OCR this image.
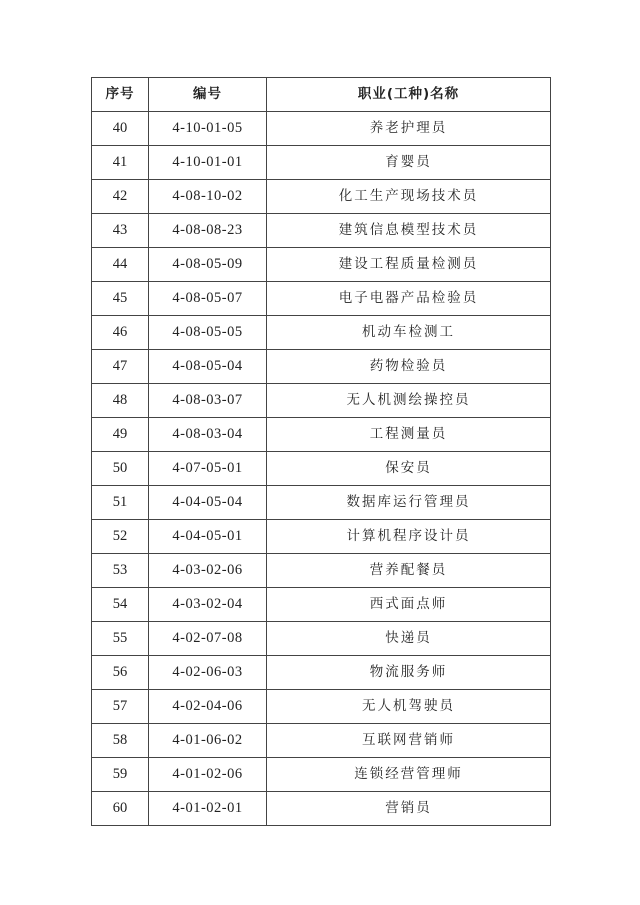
序号	编号	职业(工种)名称
40	4-10-01-05	养老护理员
41	4-10-01-01	育婴员
42	4-08-10-02	化工生产现场技术员
43	4-08-08-23	建筑信息模型技术员
44	4-08-05-09	建设工程质量检测员
45	4-08-05-07	电子电器产品检验员
46	4-08-05-05	机动车检测工
47	4-08-05-04	药物检验员
48	4-08-03-07	无人机测绘操控员
49	4-08-03-04	工程测量员
50	4-07-05-01	保安员
51	4-04-05-04	数据库运行管理员
52	4-04-05-01	计算机程序设计员
53	4-03-02-06	营养配餐员
54	4-03-02-04	西式面点师
55	4-02-07-08	快递员
56	4-02-06-03	物流服务师
57	4-02-04-06	无人机驾驶员
58	4-01-06-02	互联网营销师
59	4-01-02-06	连锁经营管理师
60	4-01-02-01	营销员
